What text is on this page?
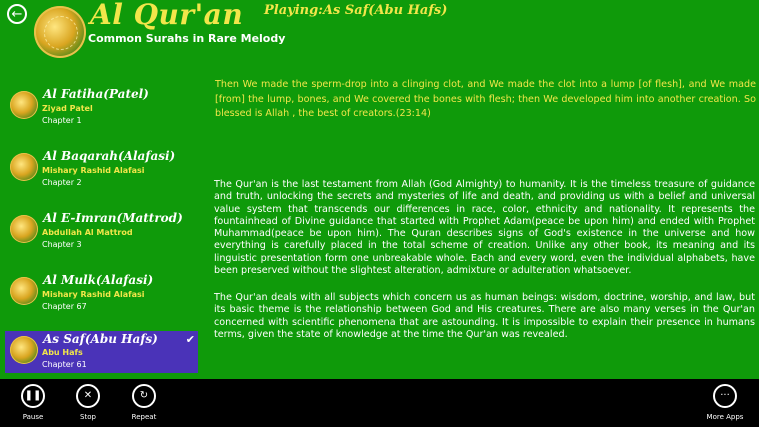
← Al Qur'an
Common Surahs in Rare Melody
Playing:As Saf(Abu Hafs)
Al Fatiha(Patel)
Ziyad Patel
Chapter 1
Al Baqarah(Alafasi)
Mishary Rashid Alafasi
Chapter 2
Al E-Imran(Mattrod)
Abdullah Al Mattrod
Chapter 3
Al Mulk(Alafasi)
Mishary Rashid Alafasi
Chapter 67
As Saf(Abu Hafs)
Abu Hafs
Chapter 61
✔
Then We made the sperm-drop into a clinging clot, and We made the clot into a lump [of flesh], and We made [from] the lump, bones, and We covered the bones with flesh; then We developed him into another creation. So blessed is Allah , the best of creators.(23:14)
The Qur'an is the last testament from Allah (God Almighty) to humanity. It is the timeless treasure of guidance and truth, unlocking the secrets and mysteries of life and death, and providing us with a belief and universal value system that transcends our differences in race, color, ethnicity and nationality. It represents the fountainhead of Divine guidance that started with Prophet Adam(peace be upon him) and ended with Prophet Muhammad(peace be upon him). The Quran describes signs of God's existence in the universe and how everything is carefully placed in the total scheme of creation. Unlike any other book, its meaning and its linguistic presentation form one unbreakable whole. Each and every word, even the individual alphabets, have been preserved without the slightest alteration, admixture or adulteration whatsoever.
The Qur'an deals with all subjects which concern us as human beings: wisdom, doctrine, worship, and law, but its basic theme is the relationship between God and His creatures. There are also many verses in the Qur'an concerned with scientific phenomena that are astounding. It is impossible to explain their presence in humans terms, given the state of knowledge at the time the Qur'an was revealed.
❚❚
Pause
✕
Stop
↻
Repeat
···
More Apps
